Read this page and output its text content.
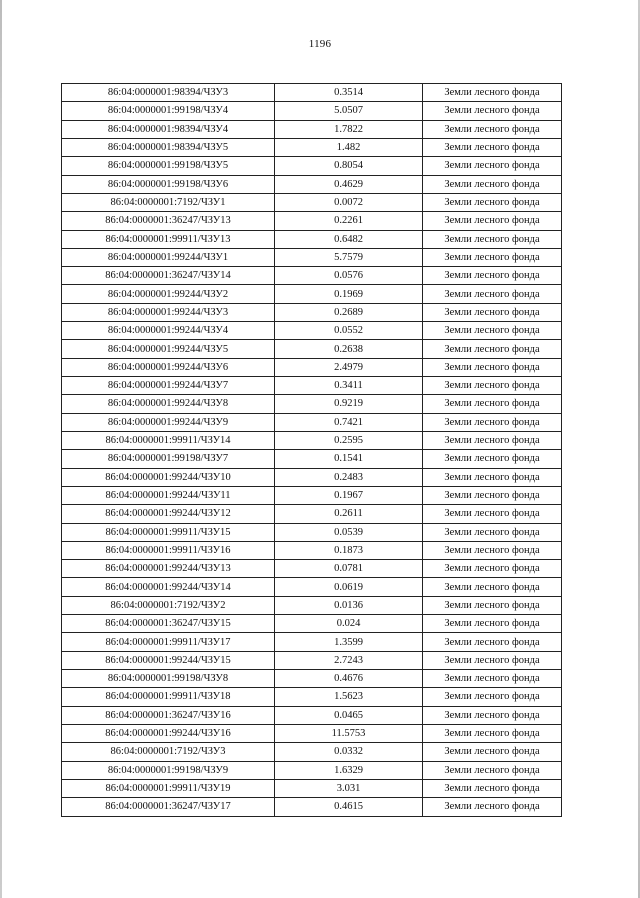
1196
86:04:0000001:98394/ЧЗУ3	0.3514	Земли лесного фонда
86:04:0000001:99198/ЧЗУ4	5.0507	Земли лесного фонда
86:04:0000001:98394/ЧЗУ4	1.7822	Земли лесного фонда
86:04:0000001:98394/ЧЗУ5	1.482	Земли лесного фонда
86:04:0000001:99198/ЧЗУ5	0.8054	Земли лесного фонда
86:04:0000001:99198/ЧЗУ6	0.4629	Земли лесного фонда
86:04:0000001:7192/ЧЗУ1	0.0072	Земли лесного фонда
86:04:0000001:36247/ЧЗУ13	0.2261	Земли лесного фонда
86:04:0000001:99911/ЧЗУ13	0.6482	Земли лесного фонда
86:04:0000001:99244/ЧЗУ1	5.7579	Земли лесного фонда
86:04:0000001:36247/ЧЗУ14	0.0576	Земли лесного фонда
86:04:0000001:99244/ЧЗУ2	0.1969	Земли лесного фонда
86:04:0000001:99244/ЧЗУ3	0.2689	Земли лесного фонда
86:04:0000001:99244/ЧЗУ4	0.0552	Земли лесного фонда
86:04:0000001:99244/ЧЗУ5	0.2638	Земли лесного фонда
86:04:0000001:99244/ЧЗУ6	2.4979	Земли лесного фонда
86:04:0000001:99244/ЧЗУ7	0.3411	Земли лесного фонда
86:04:0000001:99244/ЧЗУ8	0.9219	Земли лесного фонда
86:04:0000001:99244/ЧЗУ9	0.7421	Земли лесного фонда
86:04:0000001:99911/ЧЗУ14	0.2595	Земли лесного фонда
86:04:0000001:99198/ЧЗУ7	0.1541	Земли лесного фонда
86:04:0000001:99244/ЧЗУ10	0.2483	Земли лесного фонда
86:04:0000001:99244/ЧЗУ11	0.1967	Земли лесного фонда
86:04:0000001:99244/ЧЗУ12	0.2611	Земли лесного фонда
86:04:0000001:99911/ЧЗУ15	0.0539	Земли лесного фонда
86:04:0000001:99911/ЧЗУ16	0.1873	Земли лесного фонда
86:04:0000001:99244/ЧЗУ13	0.0781	Земли лесного фонда
86:04:0000001:99244/ЧЗУ14	0.0619	Земли лесного фонда
86:04:0000001:7192/ЧЗУ2	0.0136	Земли лесного фонда
86:04:0000001:36247/ЧЗУ15	0.024	Земли лесного фонда
86:04:0000001:99911/ЧЗУ17	1.3599	Земли лесного фонда
86:04:0000001:99244/ЧЗУ15	2.7243	Земли лесного фонда
86:04:0000001:99198/ЧЗУ8	0.4676	Земли лесного фонда
86:04:0000001:99911/ЧЗУ18	1.5623	Земли лесного фонда
86:04:0000001:36247/ЧЗУ16	0.0465	Земли лесного фонда
86:04:0000001:99244/ЧЗУ16	11.5753	Земли лесного фонда
86:04:0000001:7192/ЧЗУ3	0.0332	Земли лесного фонда
86:04:0000001:99198/ЧЗУ9	1.6329	Земли лесного фонда
86:04:0000001:99911/ЧЗУ19	3.031	Земли лесного фонда
86:04:0000001:36247/ЧЗУ17	0.4615	Земли лесного фонда
